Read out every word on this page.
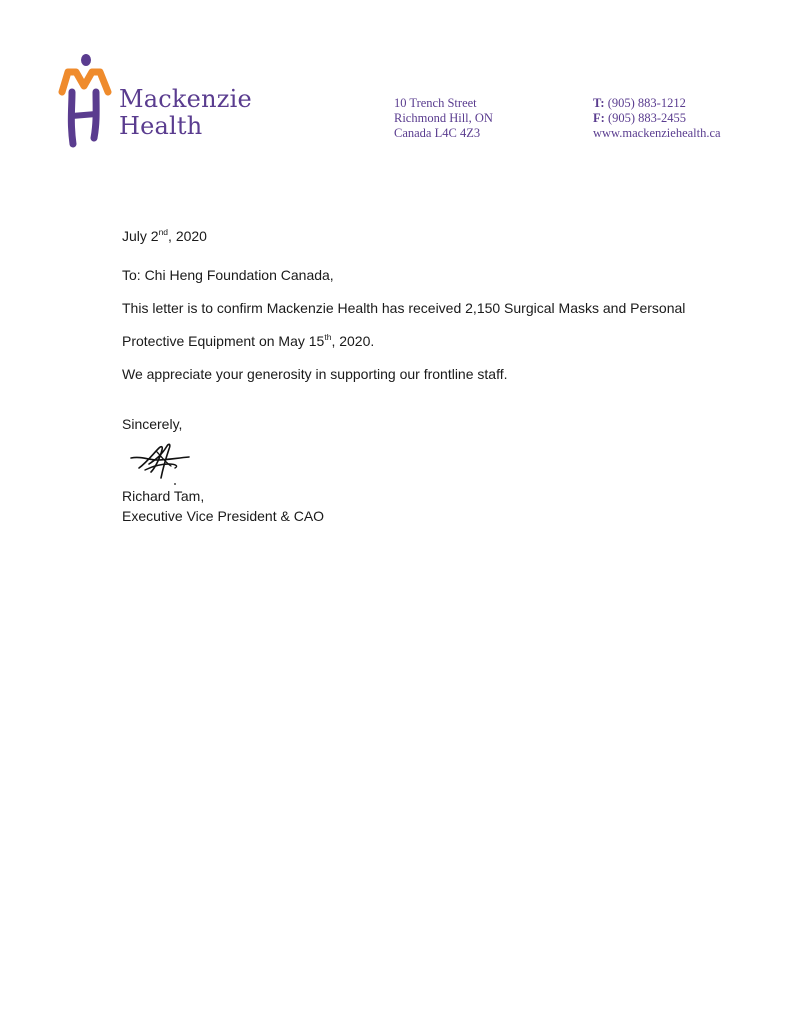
Mackenzie
Health
10 Trench Street
Richmond Hill, ON
Canada L4C 4Z3
T: (905) 883-1212
F: (905) 883-2455
www.mackenziehealth.ca
July 2nd, 2020
To: Chi Heng Foundation Canada,
This letter is to confirm Mackenzie Health has received 2,150 Surgical Masks and Personal
Protective Equipment on May 15th, 2020.
We appreciate your generosity in supporting our frontline staff.
Sincerely,
Richard Tam,
Executive Vice President & CAO
